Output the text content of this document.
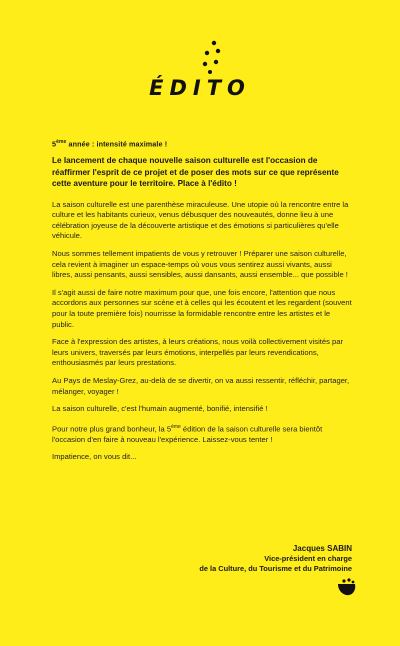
ÉDITO

5ème année : intensité maximale !

Le lancement de chaque nouvelle saison culturelle est l'occasion de réaffirmer l'esprit de ce projet et de poser des mots sur ce que représente cette aventure pour le territoire. Place à l'édito !

La saison culturelle est une parenthèse miraculeuse. Une utopie où la rencontre entre la culture et les habitants curieux, venus débusquer des nouveautés, donne lieu à une célébration joyeuse de la découverte artistique et des émotions si particulières qu'elle véhicule.

Nous sommes tellement impatients de vous y retrouver ! Préparer une saison culturelle, cela revient à imaginer un espace-temps où vous vous sentirez aussi vivants, aussi libres, aussi pensants, aussi sensibles, aussi dansants, aussi ensemble... que possible !

Il s'agit aussi de faire notre maximum pour que, une fois encore, l'attention que nous accordons aux personnes sur scène et à celles qui les écoutent et les regardent (souvent pour la toute première fois) nourrisse la formidable rencontre entre les artistes et le public.

Face à l'expression des artistes, à leurs créations, nous voilà collectivement visités par leurs univers, traversés par leurs émotions, interpellés par leurs revendications, enthousiasmés par leurs prestations.

Au Pays de Meslay-Grez, au-delà de se divertir, on va aussi ressentir, réfléchir, partager, mélanger, voyager !

La saison culturelle, c'est l'humain augmenté, bonifié, intensifié !

Pour notre plus grand bonheur, la 5ème édition de la saison culturelle sera bientôt l'occasion d'en faire à nouveau l'expérience. Laissez-vous tenter !

Impatience, on vous dit...

Jacques SABIN
Vice-président en charge
de la Culture, du Tourisme et du Patrimoine
